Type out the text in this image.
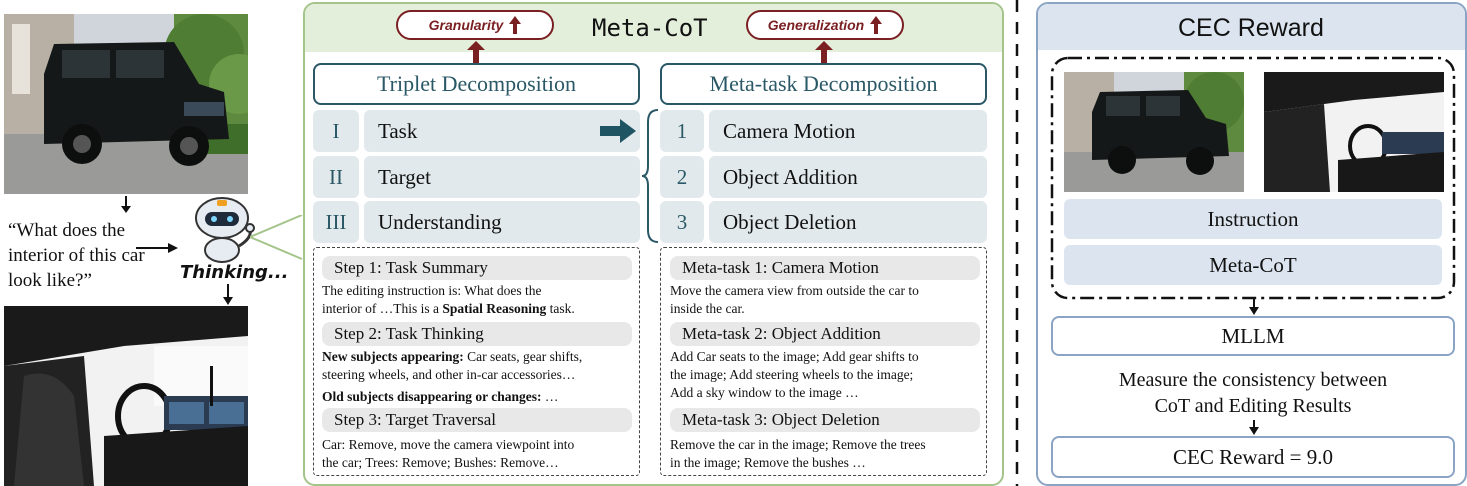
“What does the interior of this car look like?”	Thinking...
Meta-CoT
Granularity	Generalization
Triplet Decomposition	Meta-task Decomposition
I	Task
II	Target
III	Understanding
1	Camera Motion
2	Object Addition
3	Object Deletion
Step 1: Task Summary
The editing instruction is: What does the
interior of …This is a Spatial Reasoning task.
Step 2: Task Thinking
New subjects appearing: Car seats, gear shifts,
steering wheels, and other in-car accessories…
Old subjects disappearing or changes: …
Step 3: Target Traversal
Car: Remove, move the camera viewpoint into
the car; Trees: Remove; Bushes: Remove…
Meta-task 1: Camera Motion
Move the camera view from outside the car to
inside the car.
Meta-task 2: Object Addition
Add Car seats to the image; Add gear shifts to
the image; Add steering wheels to the image;
Add a sky window to the image …
Meta-task 3: Object Deletion
Remove the car in the image; Remove the trees
in the image; Remove the bushes …
CEC Reward
Instruction
Meta-CoT
MLLM
Measure the consistency between
CoT and Editing Results
CEC Reward = 9.0
